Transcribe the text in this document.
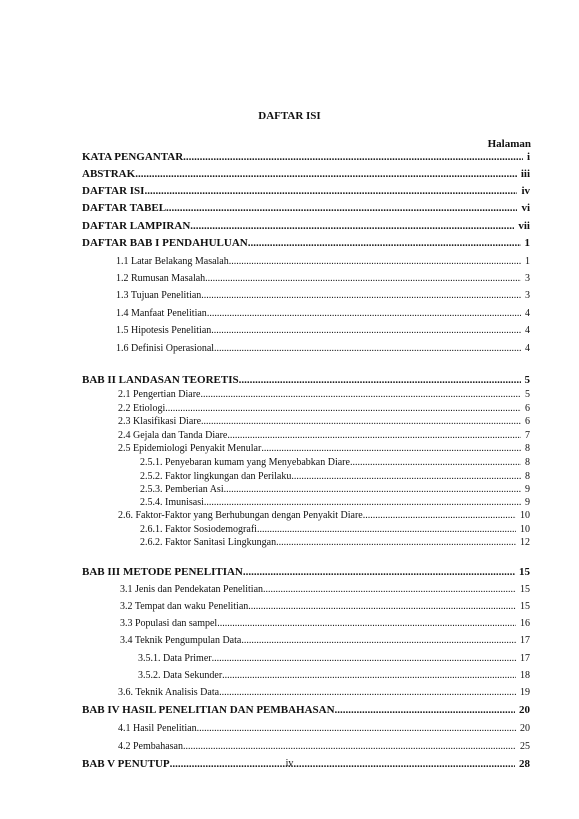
DAFTAR ISI
Halaman
KATA PENGANTAR .....	i
ABSTRAK .....	iii
DAFTAR ISI .....	iv
DAFTAR TABEL .....	vi
DAFTAR LAMPIRAN .....	vii
DAFTAR BAB I PENDAHULUAN .....	1
1.1 Latar Belakang Masalah .....	1
1.2 Rumusan Masalah .....	3
1.3 Tujuan Penelitian .....	3
1.4 Manfaat Penelitian .....	4
1.5 Hipotesis Penelitian .....	4
1.6 Definisi Operasional .....	4
BAB II LANDASAN TEORETIS .....	5
2.1 Pengertian Diare .....	5
2.2 Etiologi .....	6
2.3 Klasifikasi Diare .....	6
2.4 Gejala dan Tanda Diare .....	7
2.5 Epidemiologi Penyakit Menular .....	8
2.5.1. Penyebaran kumam yang Menyebabkan Diare .....	8
2.5.2. Faktor lingkungan dan Perilaku .....	8
2.5.3. Pemberian Asi .....	9
2.5.4. Imunisasi .....	9
2.6. Faktor-Faktor yang Berhubungan dengan Penyakit Diare .....	10
2.6.1. Faktor Sosiodemografi .....	10
2.6.2. Faktor Sanitasi Lingkungan .....	12
BAB III METODE PENELITIAN .....	15
3.1 Jenis dan Pendekatan Penelitian .....	15
3.2 Tempat dan waku Penelitian .....	15
3.3 Populasi dan sampel .....	16
3.4 Teknik Pengumpulan Data .....	17
3.5.1. Data Primer .....	17
3.5.2. Data Sekunder .....	18
3.6. Teknik Analisis Data .....	19
BAB IV HASIL PENELITIAN DAN PEMBAHASAN .....	20
4.1 Hasil Penelitian .....	20
4.2 Pembahasan .....	25
BAB V PENUTUP .....	28
iv
